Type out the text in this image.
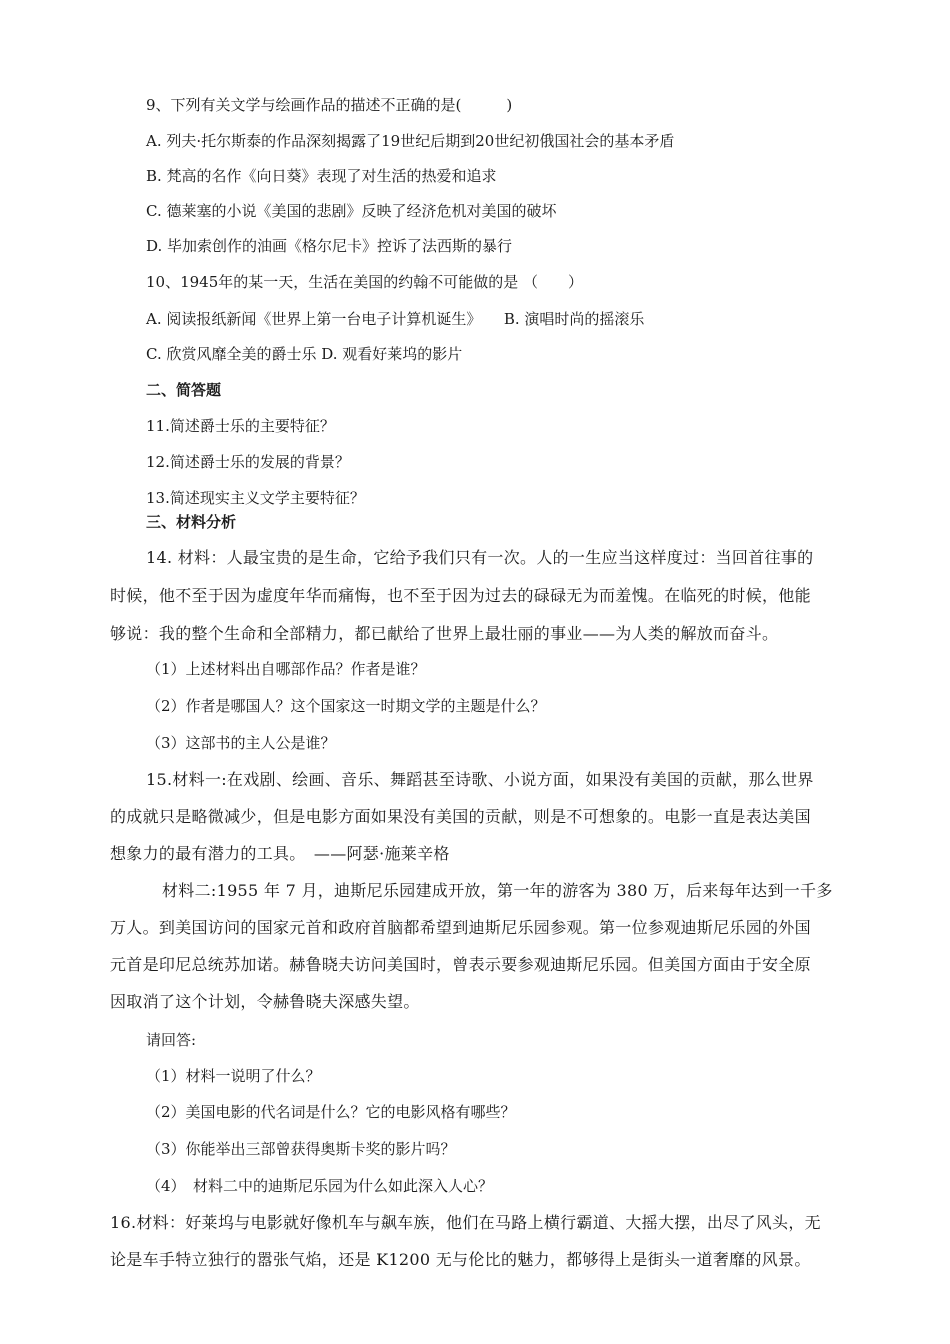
9、下列有关文学与绘画作品的描述不正确的是(　　　)
A. 列夫·托尔斯泰的作品深刻揭露了19世纪后期到20世纪初俄国社会的基本矛盾
B. 梵高的名作《向日葵》表现了对生活的热爱和追求
C. 德莱塞的小说《美国的悲剧》反映了经济危机对美国的破坏
D. 毕加索创作的油画《格尔尼卡》控诉了法西斯的暴行
10、1945年的某一天，生活在美国的约翰不可能做的是 （　　）
A. 阅读报纸新闻《世界上第一台电子计算机诞生》　　B. 演唱时尚的摇滚乐
C. 欣赏风靡全美的爵士乐 D. 观看好莱坞的影片
二、简答题
11.简述爵士乐的主要特征？
12.简述爵士乐的发展的背景？
13.简述现实主义文学主要特征？
三、材料分析
14. 材料：人最宝贵的是生命，它给予我们只有一次。人的一生应当这样度过：当回首往事的
时候，他不至于因为虚度年华而痛悔，也不至于因为过去的碌碌无为而羞愧。在临死的时候，他能
够说：我的整个生命和全部精力，都已献给了世界上最壮丽的事业——为人类的解放而奋斗。
（1）上述材料出自哪部作品？作者是谁？
（2）作者是哪国人？这个国家这一时期文学的主题是什么？
（3）这部书的主人公是谁？
15.材料一:在戏剧、绘画、音乐、舞蹈甚至诗歌、小说方面，如果没有美国的贡献，那么世界
的成就只是略微减少，但是电影方面如果没有美国的贡献，则是不可想象的。电影一直是表达美国
想象力的最有潜力的工具。　——阿瑟·施莱辛格
材料二:1955 年 7 月，迪斯尼乐园建成开放，第一年的游客为 380 万，后来每年达到一千多
万人。到美国访问的国家元首和政府首脑都希望到迪斯尼乐园参观。第一位参观迪斯尼乐园的外国
元首是印尼总统苏加诺。赫鲁晓夫访问美国时，曾表示要参观迪斯尼乐园。但美国方面由于安全原
因取消了这个计划，令赫鲁晓夫深感失望。
请回答:
（1）材料一说明了什么？
（2）美国电影的代名词是什么？它的电影风格有哪些？
（3）你能举出三部曾获得奥斯卡奖的影片吗？
（4）　材料二中的迪斯尼乐园为什么如此深入人心？
16.材料：好莱坞与电影就好像机车与飙车族，他们在马路上横行霸道、大摇大摆，出尽了风头，无
论是车手特立独行的嚣张气焰，还是 K1200 无与伦比的魅力，都够得上是街头一道奢靡的风景。
